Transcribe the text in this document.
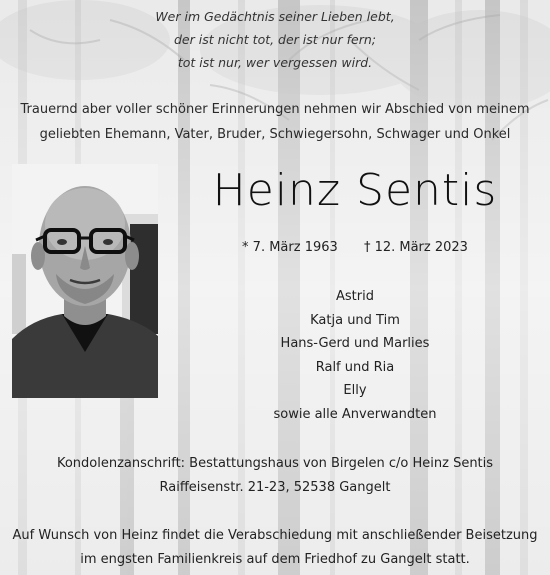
Wer im Gedächtnis seiner Lieben lebt,
der ist nicht tot, der ist nur fern;
tot ist nur, wer vergessen wird.
Trauernd aber voller schöner Erinnerungen nehmen wir Abschied von meinem
geliebten Ehemann, Vater, Bruder, Schwiegersohn, Schwager und Onkel
Heinz Sentis
* 7. März 1963 † 12. März 2023
Astrid
Katja und Tim
Hans-Gerd und Marlies
Ralf und Ria
Elly
sowie alle Anverwandten
Kondolenzanschrift: Bestattungshaus von Birgelen c/o Heinz Sentis
Raiffeisenstr. 21-23, 52538 Gangelt
Auf Wunsch von Heinz findet die Verabschiedung mit anschließender Beisetzung
im engsten Familienkreis auf dem Friedhof zu Gangelt statt.
